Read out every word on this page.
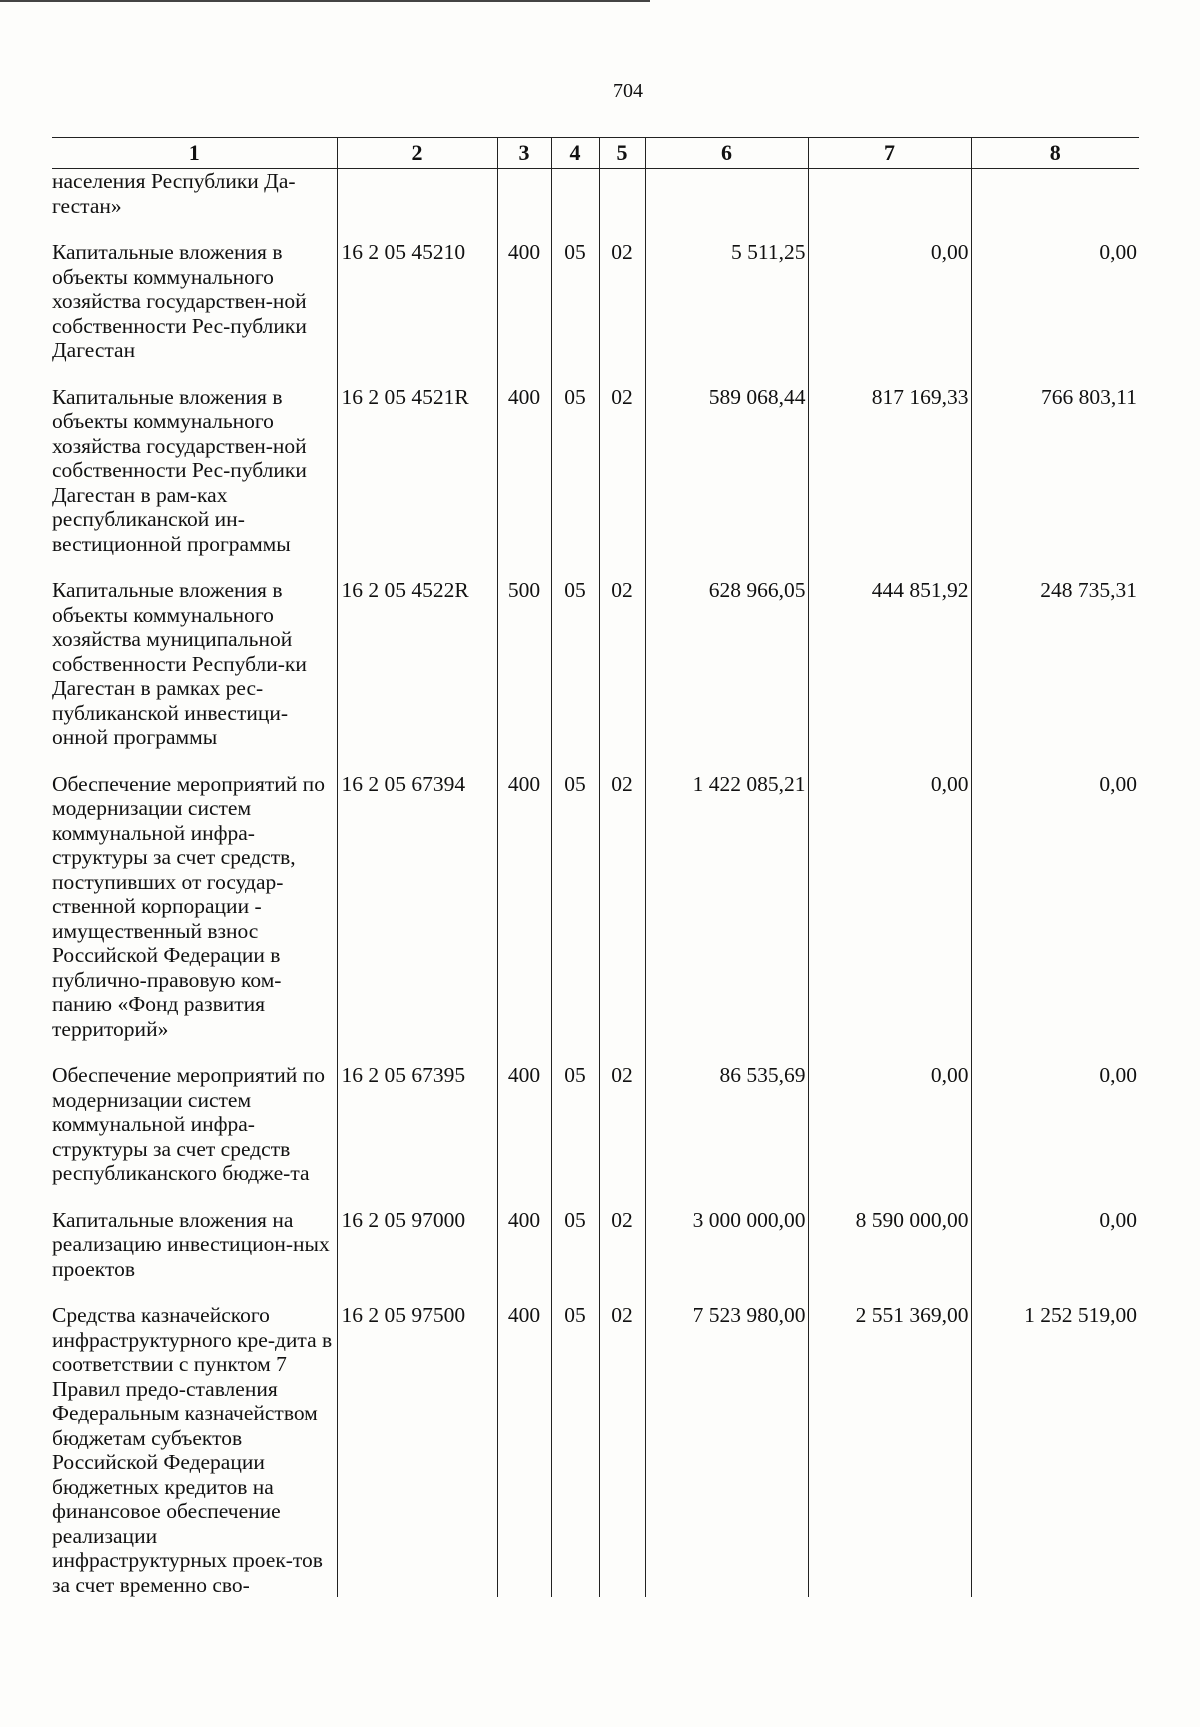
704
1	2	3	4	5	6	7	8
населения Республики Да- гестан»							

Капитальные вложения в объекты коммунального хозяйства государствен-ной собственности Рес-публики Дагестан	16 2 05 45210	400	05	02	5 511,25	0,00	0,00

Капитальные вложения в объекты коммунального хозяйства государствен-ной собственности Рес-публики Дагестан в рам-ках республиканской ин-вестиционной программы	16 2 05 4521R	400	05	02	589 068,44	817 169,33	766 803,11

Капитальные вложения в объекты коммунального хозяйства муниципальной собственности Республи-ки Дагестан в рамках рес-публиканской инвестици-онной программы	16 2 05 4522R	500	05	02	628 966,05	444 851,92	248 735,31

Обеспечение мероприятий по модернизации систем коммунальной инфра-структуры за счет средств, поступивших от государ-ственной корпорации - имущественный взнос Российской Федерации в публично-правовую ком-панию «Фонд развития территорий»	16 2 05 67394	400	05	02	1 422 085,21	0,00	0,00

Обеспечение мероприятий по модернизации систем коммунальной инфра-структуры за счет средств республиканского бюдже-та	16 2 05 67395	400	05	02	86 535,69	0,00	0,00

Капитальные вложения на реализацию инвестицион-ных проектов	16 2 05 97000	400	05	02	3 000 000,00	8 590 000,00	0,00

Средства казначейского инфраструктурного кре-дита в соответствии с пунктом 7 Правил предо-ставления Федеральным казначейством бюджетам субъектов Российской Федерации бюджетных кредитов на финансовое обеспечение реализации инфраструктурных проек-тов за счет временно сво-	16 2 05 97500	400	05	02	7 523 980,00	2 551 369,00	1 252 519,00
